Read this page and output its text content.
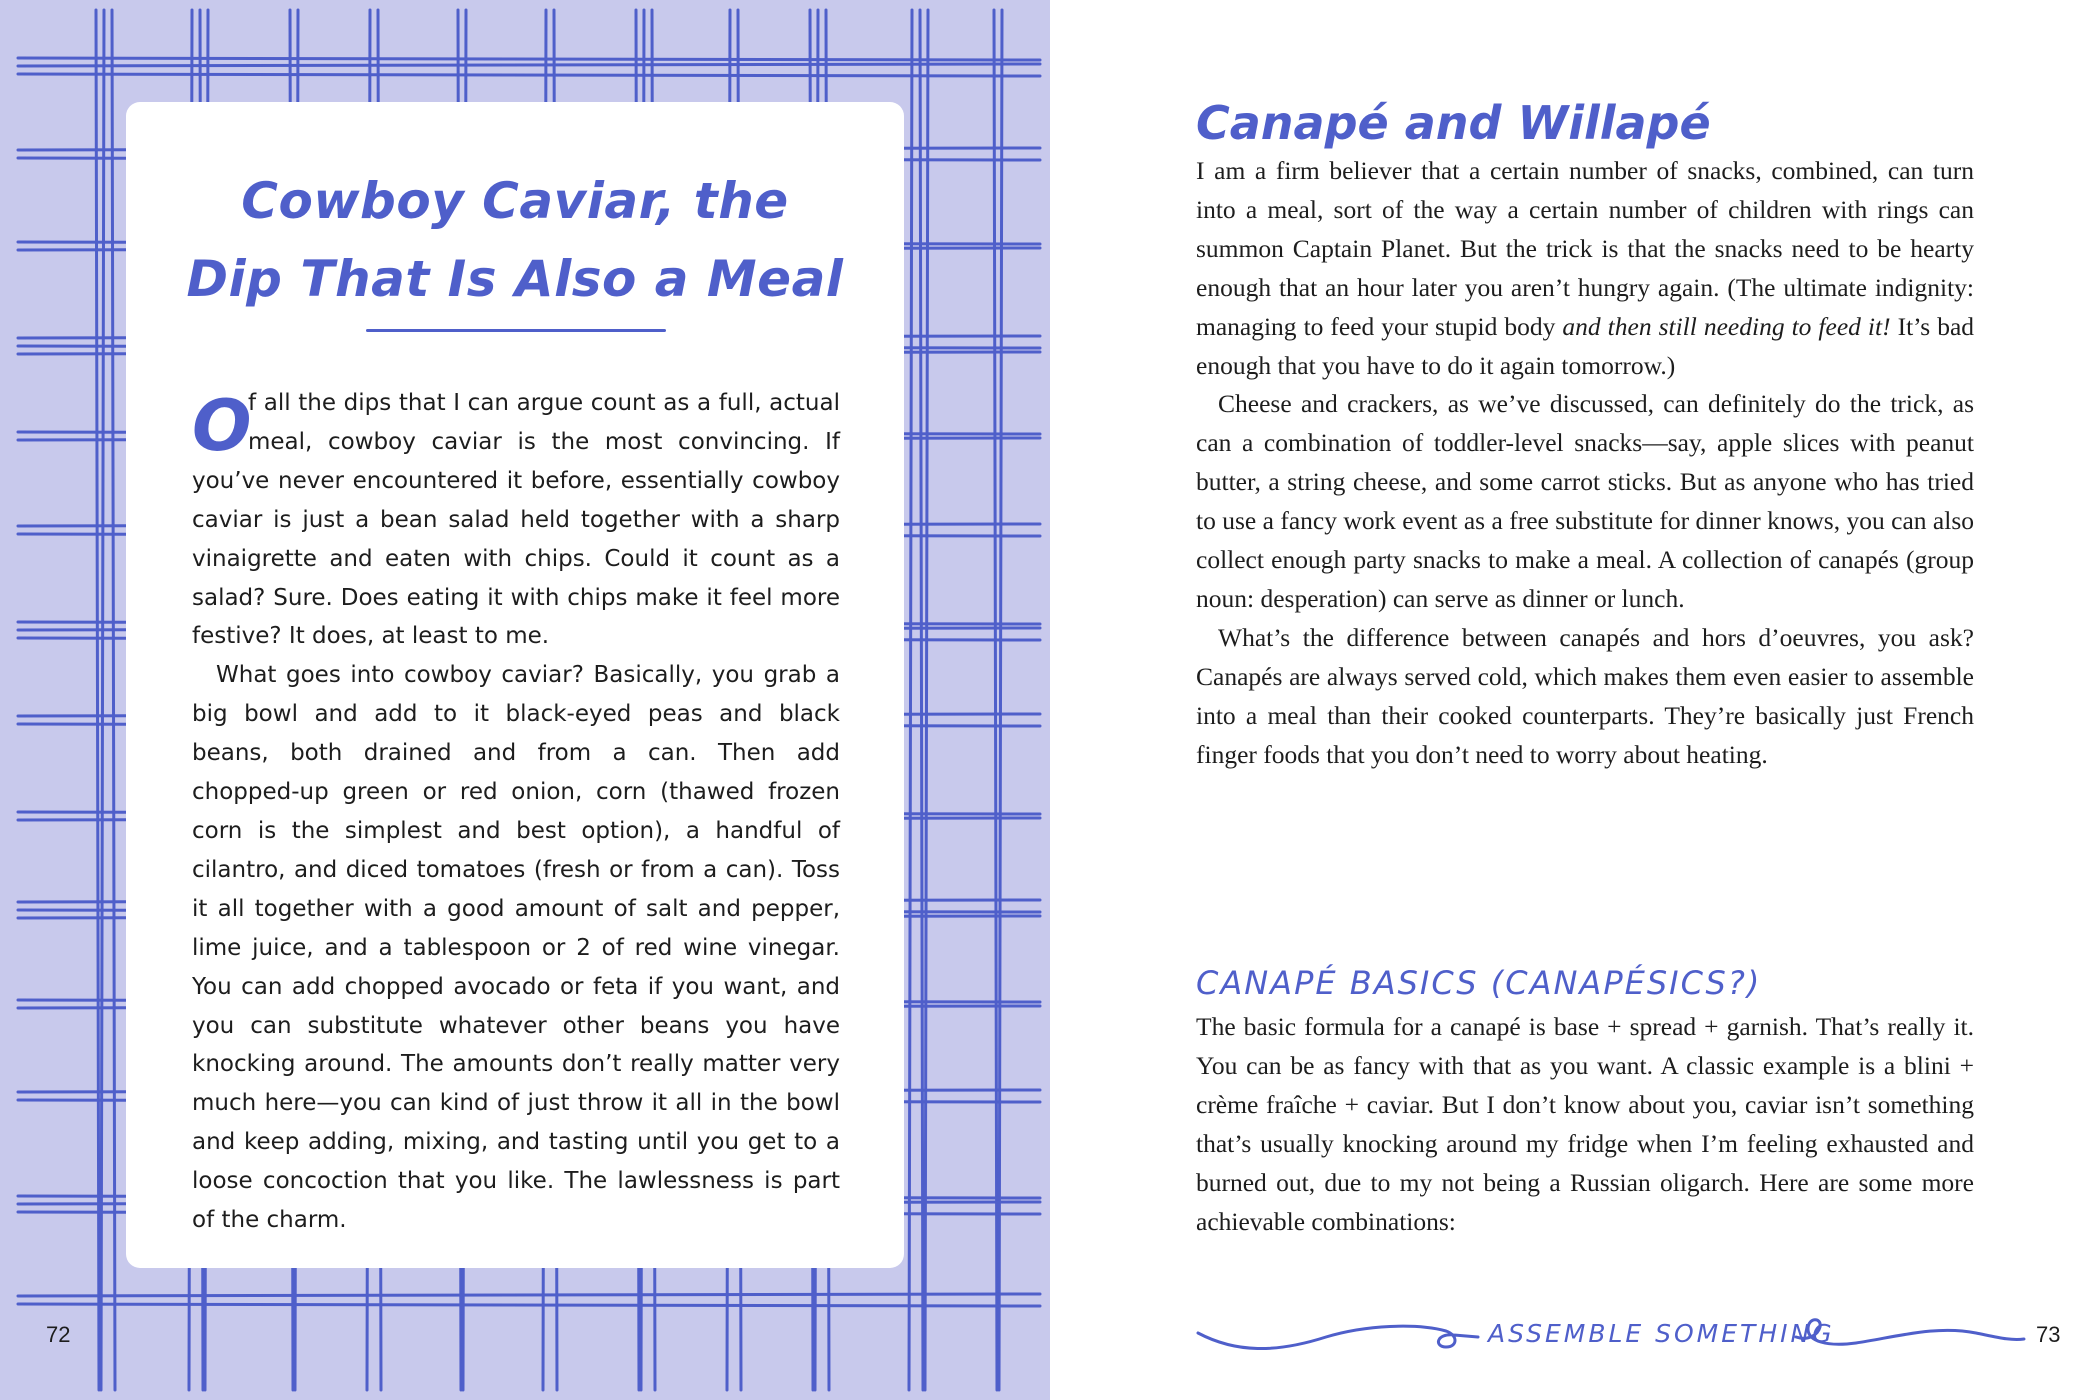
Cowboy Caviar, the
Dip That Is Also a Meal

O
f all the dips that I can argue count as a full, actual meal, cowboy caviar is the most convincing. If you’ve never encountered it before, essentially cowboy caviar is just a bean salad held together with a sharp vinaigrette and eaten with chips. Could it count as a salad? Sure. Does eating it with chips make it feel more festive? It does, at least to me.

What goes into cowboy caviar? Basically, you grab a big bowl and add to it black-eyed peas and black beans, both drained and from a can. Then add chopped-up green or red onion, corn (thawed frozen corn is the simplest and best option), a handful of cilantro, and diced tomatoes (fresh or from a can). Toss it all together with a good amount of salt and pepper, lime juice, and a tablespoon or 2 of red wine vinegar. You can add chopped avocado or feta if you want, and you can substitute whatever other beans you have knocking around. The amounts don’t really matter very much here—you can kind of just throw it all in the bowl and keep adding, mixing, and tasting until you get to a loose concoction that you like. The lawlessness is part of the charm.

72
Canapé and Willapé

I am a firm believer that a certain number of snacks, combined, can turn into a meal, sort of the way a certain number of children with rings can summon Captain Planet. But the trick is that the snacks need to be hearty enough that an hour later you aren’t hungry again. (The ultimate indignity: managing to feed your stupid body and then still needing to feed it! It’s bad enough that you have to do it again tomorrow.)

Cheese and crackers, as we’ve discussed, can definitely do the trick, as can a combination of toddler-level snacks—say, apple slices with peanut butter, a string cheese, and some carrot sticks. But as anyone who has tried to use a fancy work event as a free substitute for dinner knows, you can also collect enough party snacks to make a meal. A collection of canapés (group noun: desperation) can serve as dinner or lunch.

What’s the difference between canapés and hors d’oeuvres, you ask? Canapés are always served cold, which makes them even easier to assemble into a meal than their cooked counterparts. They’re basically just French finger foods that you don’t need to worry about heating.

CANAPÉ BASICS (CANAPÉSICS?)

The basic formula for a canapé is base + spread + garnish. That’s really it. You can be as fancy with that as you want. A classic example is a blini + crème fraîche + caviar. But I don’t know about you, caviar isn’t something that’s usually knocking around my fridge when I’m feeling exhausted and burned out, due to my not being a Russian oligarch. Here are some more achievable combinations:

ASSEMBLE SOMETHING	73
